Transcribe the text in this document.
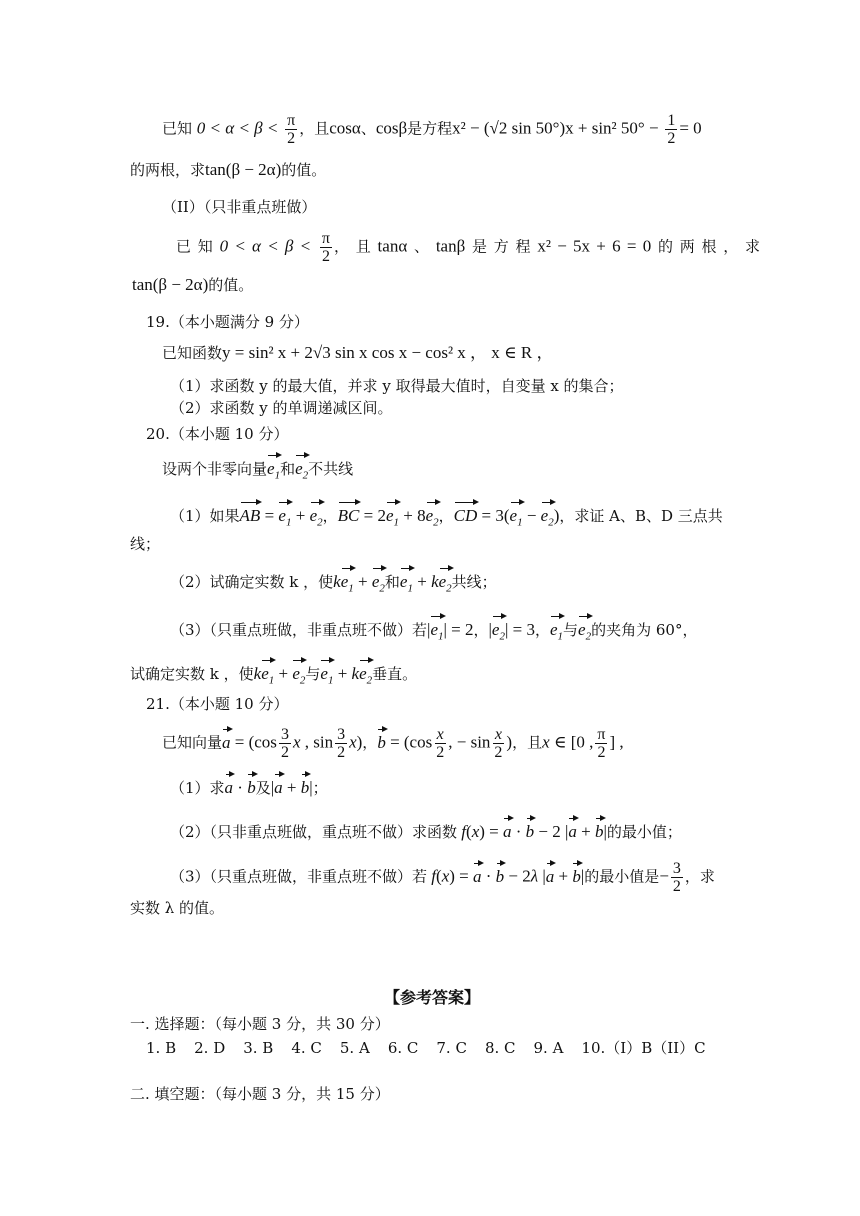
已知 $0 < \alpha < \beta < \frac{\pi}{2}$ ，且cosα、cosβ是方程x² − (√2 sin 50°)x + sin² $50^\circ - \frac{1}{2} = 0$
的两根，求tan(β − 2α)的值。
（II）（只非重点班做）
已 知 $0 < \alpha < \beta < \frac{\pi}{2}$ ， 且 tanα 、 tanβ 是 方 程 x² − 5x + 6 = 0 的 两 根 ， 求
tan(β − 2α)的值。
19.（本小题满分 9 分）
已知函数y = sin² x + 2√3 sin x cos x − cos² x ， x ∈ R ，
（1）求函数 y 的最大值，并求 y 取得最大值时，自变量 x 的集合；
（2）求函数 y 的单调递减区间。
20.（本小题 10 分）
设两个非零向量$e_1$和$e_2$不共线
（1）如果AB = $e_1 + e_2$，BC = $2e_1 + 8e_2$，CD = $3(e_1 - e_2)$，求证 A、B、D 三点共
线；
（2）试确定实数 k ，使$ke_1 + e_2$和$e_1 + ke_2$共线；
（3）（只重点班做，非重点班不做）若$|e_1| = 2$，$|e_2| = 3$，$e_1$与$e_2$的夹角为 60°，
试确定实数 k ，使$ke_1 + e_2$与$e_1 + ke_2$垂直。
21.（本小题 10 分）
已知向量$a = (\cos \frac{3}{2}$ x , $\sin \frac{3}{2} x$)，$b = (\cos \frac{x}{2}$ , − $\sin \frac{x}{2}$ )，且x ∈ [0 , $\frac{\pi}{2}$ ] ,
（1）求a · b及|a + b|；
（2）（只非重点班做，重点班不做）求函数 f(x) = a · b − 2 |a + b|的最小值；
（3）（只重点班做，非重点班不做）若 f(x) = a · b − 2λ |a + b|的最小值是− $\frac{3}{2}$ ，求
实数 λ 的值。
【参考答案】
一. 选择题：（每小题 3 分，共 30 分）
1. B 2. D 3. B 4. C 5. A 6. C 7. C 8. C 9. A 10.（I）B（II）C
二. 填空题：（每小题 3 分，共 15 分）
